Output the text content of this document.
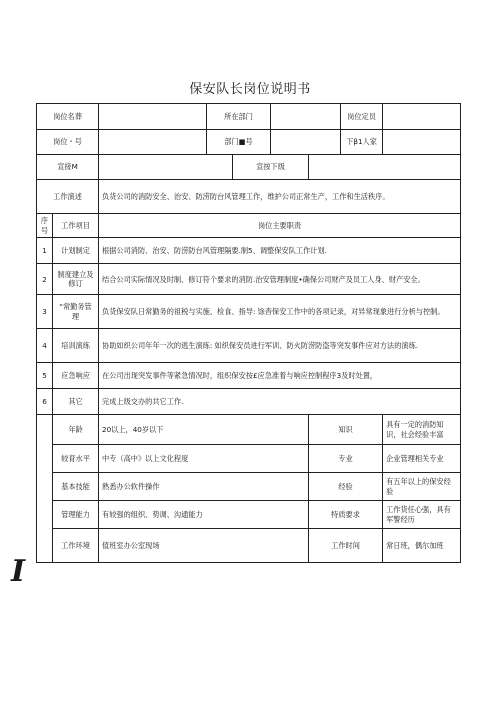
保安队长岗位说明书
岗位名葬			所在部门				岗位定员	
岗位・号			部门■号				下β1人家	
宣接M				宣按下级				
工作演述		负货公司的消防安全、治安、防涝防台风管理工作，维护公司正常生产，工作和生活秩序。						
序号	工作项目	岗位主要职责						
1	计划制定	根据公司消防、治安、防涝防台风管理隔要.制5、调整保安队工作计划.						
2	制度建立及修订	结合公司实际情况及时制、修订符个要求的消防.治安管理制度•确保公司财产及员工人身、财产安全。						
3	“常勤务管理	负货保安队日常勤务的祖税与实施、检食、指导: 馀杳保安工作中的各项记录，对异常现象进行分析与控制。						
4	培训演练	协助如织公司年年一次的逃生演练: 如织保安员进行军训、防火防涝防盗等突发事件应对方法的演练.						
5	应急响应	在公司出现突发事件等紧急情况时，组织保安按£应急准着与响应控制程序3及时处置，						
6	其它	完成上级交办的共它工作.						
	年龄	20以上，40岁以下				知识		具有一定的消防知识，社会经验丰富
	较育水平	中专（高中》以上文化程度				专业		企业管理相关专业
	基本技能	熟悉办公软件操作				经验		有五年以上的保安经验
	管理能力	有较强的组织、势调、沟通能力				特质要求		工作货任心强，具有军警经历
	工作环境	值班室办公室现场				工作时间		常日班，偶尔加班
I
